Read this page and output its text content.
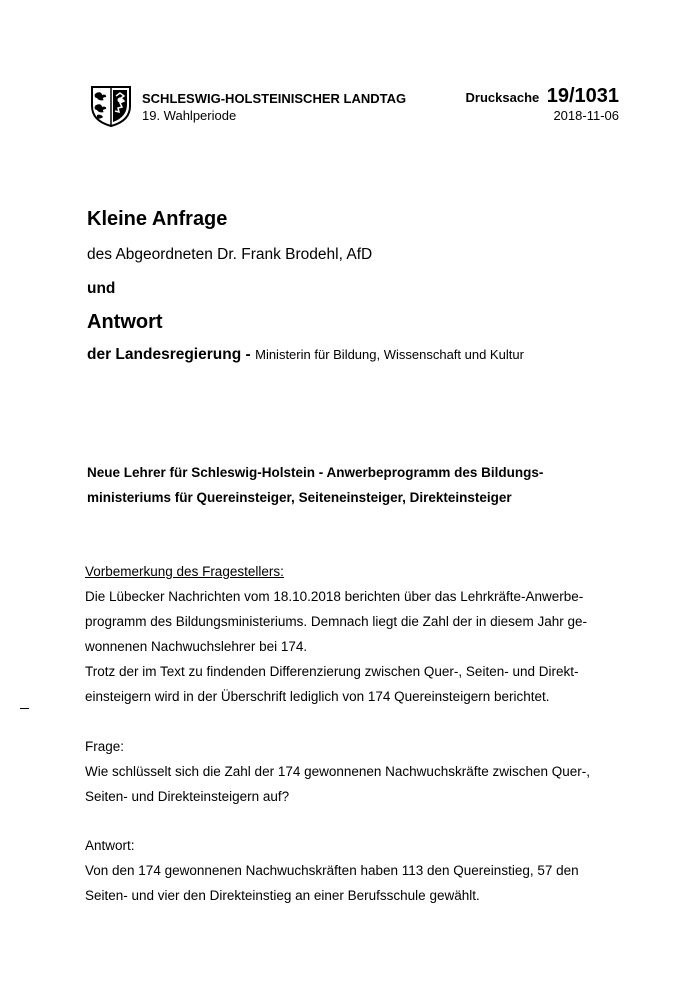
SCHLESWIG-HOLSTEINISCHER LANDTAG
19. Wahlperiode
Drucksache 19/1031
2018-11-06
Kleine Anfrage
des Abgeordneten Dr. Frank Brodehl, AfD
und
Antwort
der Landesregierung - Ministerin für Bildung, Wissenschaft und Kultur
Neue Lehrer für Schleswig-Holstein - Anwerbeprogramm des Bildungs-
ministeriums für Quereinsteiger, Seiteneinsteiger, Direkteinsteiger
Vorbemerkung des Fragestellers:
Die Lübecker Nachrichten vom 18.10.2018 berichten über das Lehrkräfte-Anwerbe-
programm des Bildungsministeriums. Demnach liegt die Zahl der in diesem Jahr ge-
wonnenen Nachwuchslehrer bei 174.
Trotz der im Text zu findenden Differenzierung zwischen Quer-, Seiten- und Direkt-
einsteigern wird in der Überschrift lediglich von 174 Quereinsteigern berichtet.
Frage:
Wie schlüsselt sich die Zahl der 174 gewonnenen Nachwuchskräfte zwischen Quer-,
Seiten- und Direkteinsteigern auf?
Antwort:
Von den 174 gewonnenen Nachwuchskräften haben 113 den Quereinstieg, 57 den
Seiten- und vier den Direkteinstieg an einer Berufsschule gewählt.
